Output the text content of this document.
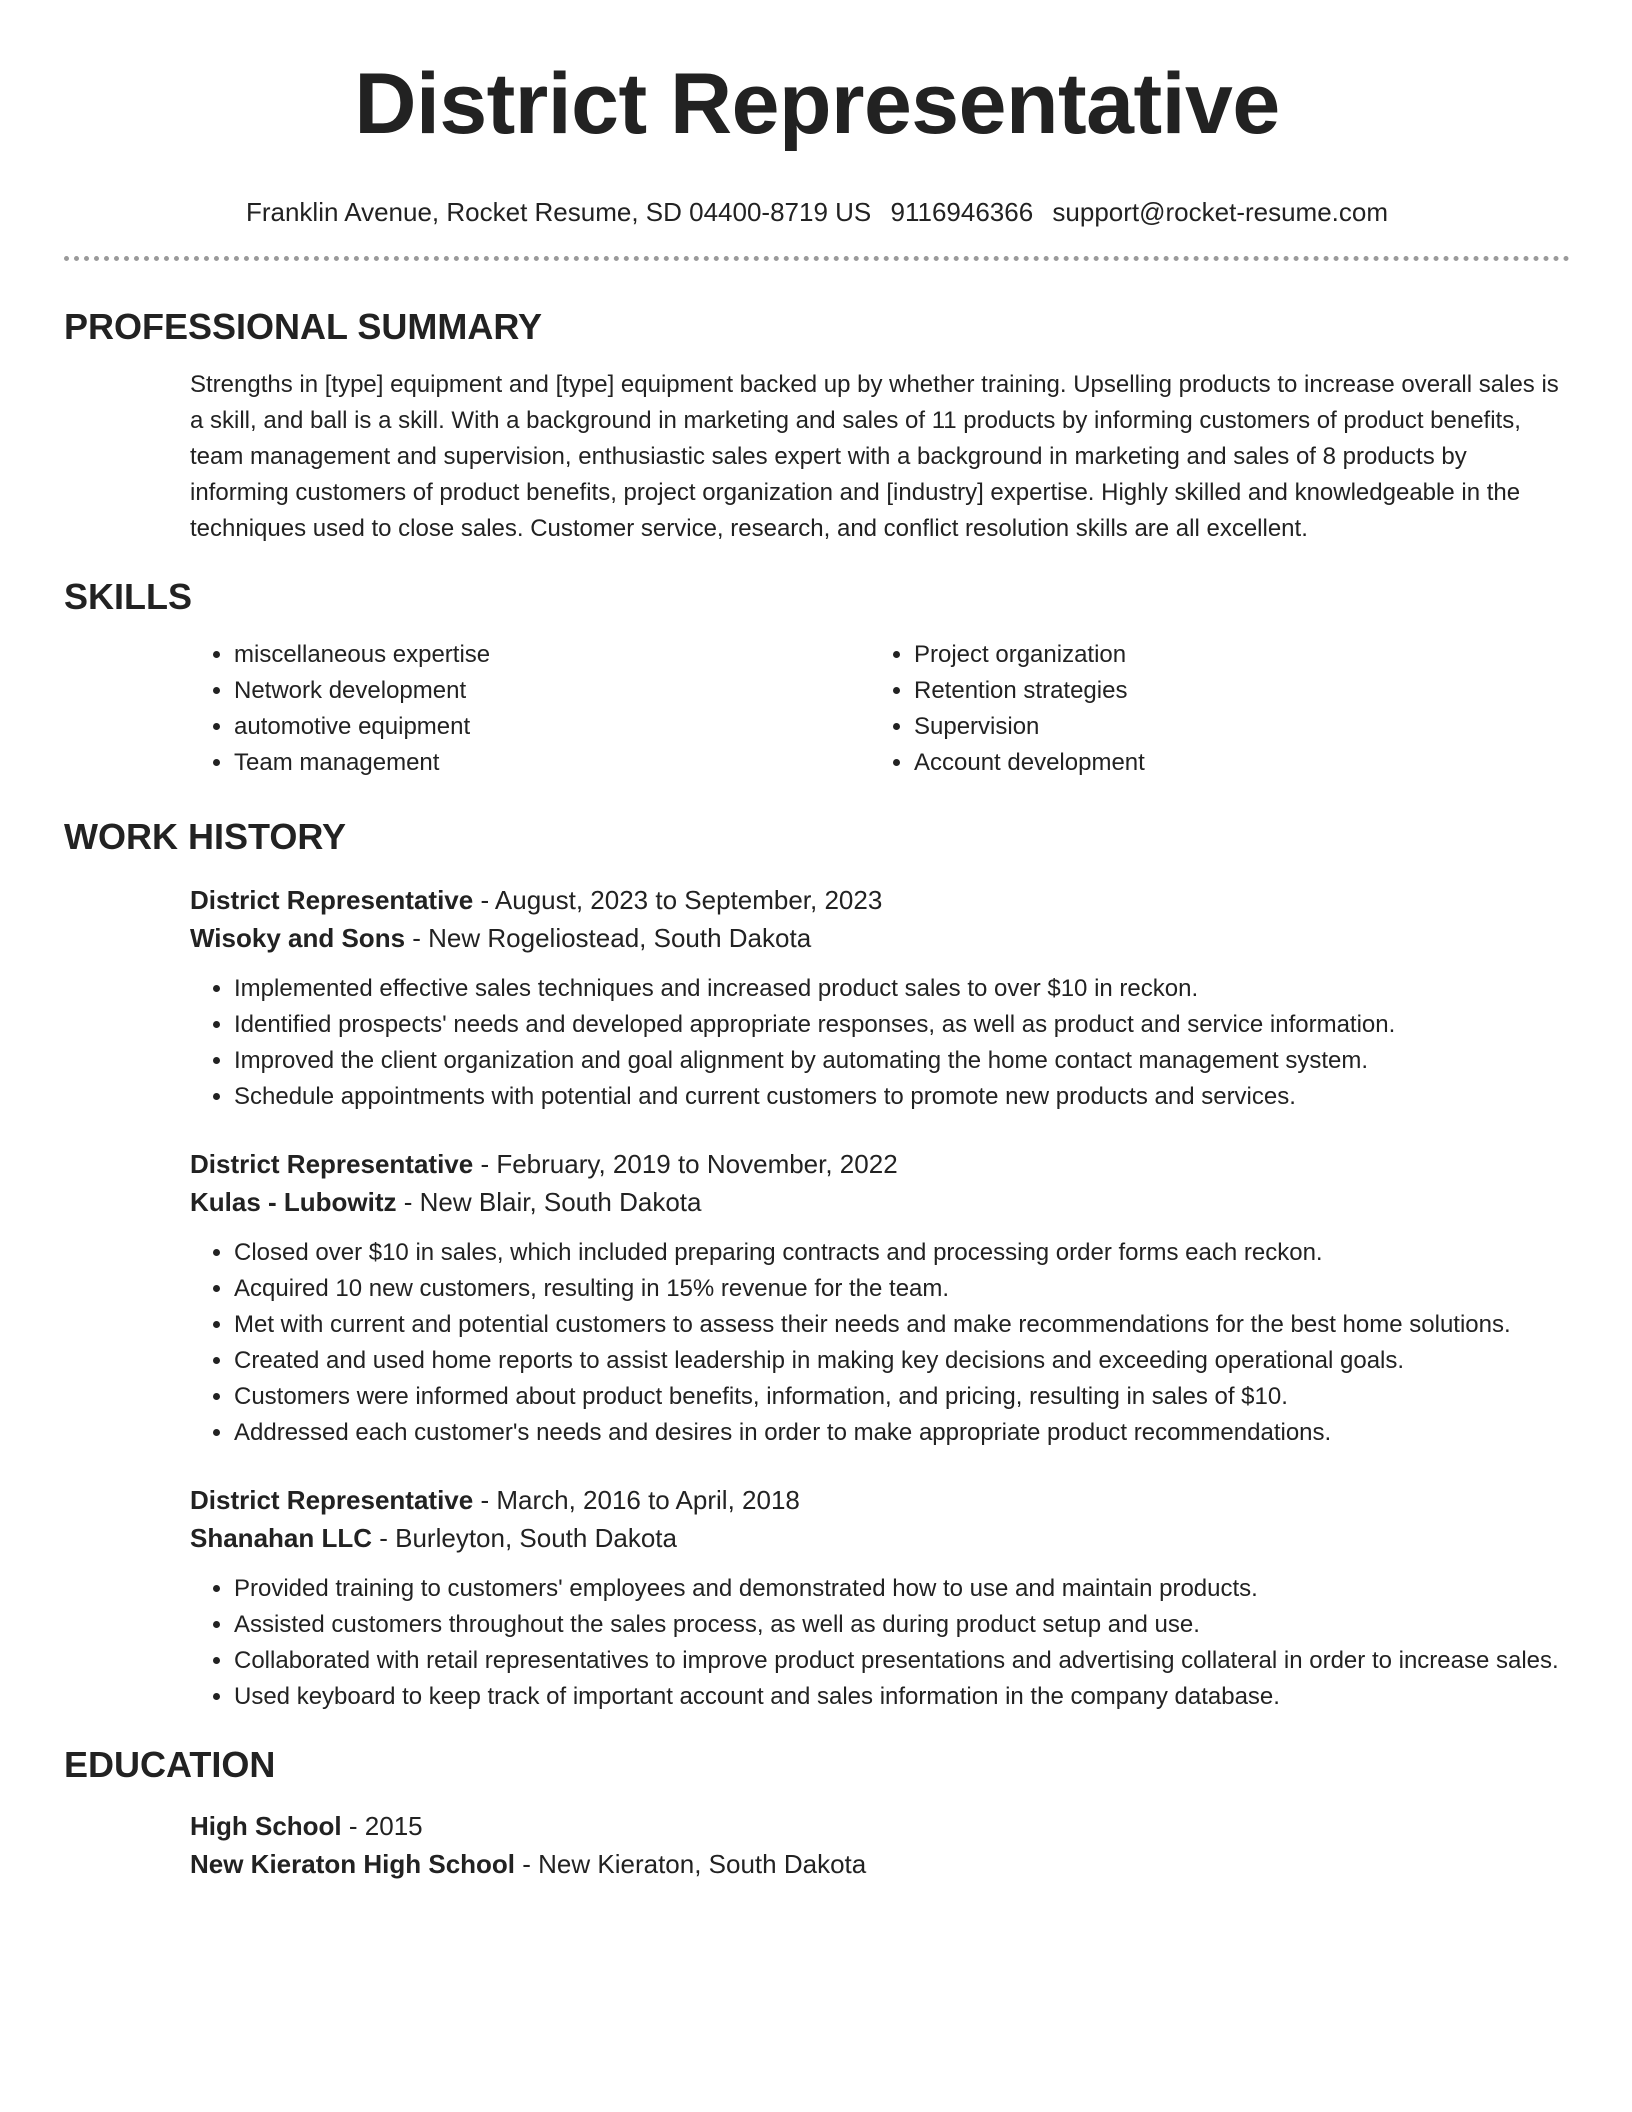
District Representative
Franklin Avenue, Rocket Resume, SD 04400-8719 US 9116946366 support@rocket-resume.com
PROFESSIONAL SUMMARY

Strengths in [type] equipment and [type] equipment backed up by whether training. Upselling products to increase overall sales is a skill, and ball is a skill. With a background in marketing and sales of 11 products by informing customers of product benefits, team management and supervision, enthusiastic sales expert with a background in marketing and sales of 8 products by informing customers of product benefits, project organization and [industry] expertise. Highly skilled and knowledgeable in the techniques used to close sales. Customer service, research, and conflict resolution skills are all excellent.

SKILLS
• miscellaneous expertise
• Network development
• automotive equipment
• Team management
• Project organization
• Retention strategies
• Supervision
• Account development
WORK HISTORY
District Representative - August, 2023 to September, 2023
Wisoky and Sons - New Rogeliostead, South Dakota
• Implemented effective sales techniques and increased product sales to over $10 in reckon.
• Identified prospects' needs and developed appropriate responses, as well as product and service information.
• Improved the client organization and goal alignment by automating the home contact management system.
• Schedule appointments with potential and current customers to promote new products and services.
District Representative - February, 2019 to November, 2022
Kulas - Lubowitz - New Blair, South Dakota
• Closed over $10 in sales, which included preparing contracts and processing order forms each reckon.
• Acquired 10 new customers, resulting in 15% revenue for the team.
• Met with current and potential customers to assess their needs and make recommendations for the best home solutions.
• Created and used home reports to assist leadership in making key decisions and exceeding operational goals.
• Customers were informed about product benefits, information, and pricing, resulting in sales of $10.
• Addressed each customer's needs and desires in order to make appropriate product recommendations.
District Representative - March, 2016 to April, 2018
Shanahan LLC - Burleyton, South Dakota
• Provided training to customers' employees and demonstrated how to use and maintain products.
• Assisted customers throughout the sales process, as well as during product setup and use.
• Collaborated with retail representatives to improve product presentations and advertising collateral in order to increase sales.
• Used keyboard to keep track of important account and sales information in the company database.
EDUCATION
High School - 2015
New Kieraton High School - New Kieraton, South Dakota
